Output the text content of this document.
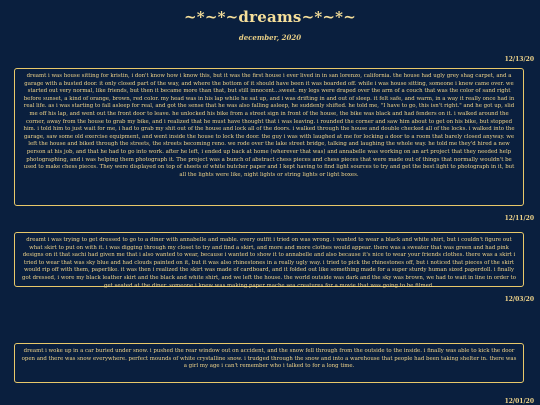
~*~*~dreams~*~*~
december, 2020
12/13/20
dreamt i was house sitting for kristin, i don't know how i know this, but it was the first house i ever lived in in san lorenzo, california. the house had ugly grey shag carpet, and a garage with a busted door. it only closed part of the way, and where the bottom of it should have been it was boarded off. while i was house sitting, someone i knew came over. we started out very normal, like friends, but then it became more than that, but still innocent...sweet. my legs were draped over the arm of a couch that was the color of sand right before sunset, a kind of orange, brown, red color. my head was in his lap while he sat up, and i was drifting in and out of sleep. it felt safe, and warm, in a way it really once had in real life. as i was starting to fall asleep for real, and got the sense that he was also falling asleep, he suddenly shifted. he told me, "I have to go, this isn't right." and he got up, slid me off his lap, and went out the front door to leave. he unlocked his bike from a street sign in front of the house, the bike was black and had fenders on it. i walked around the corner, away from the house to grab my bike, and i realized that he must have thought that i was leaving. i rounded the corner and saw him about to get on his bike, but stopped him. i told him to just wait for me, i had to grab my shit out of the house and lock all of the doors. i walked through the house and double checked all of the locks. i walked into the garage, saw some old exercise equipment, and went inside the house to lock the door. the guy i was with laughed at me for locking a door to a room that barely closed anyway. we left the house and biked through the streets, the streets becoming reno. we rode over the lake street bridge, talking and laughing the whole way. he told me they'd hired a new person at his job, and that he had to go into work. after he left, i ended up back at home (wherever that was) and annabelle was working on an art project that they needed help photographing, and i was helping them photograph it. The project was a bunch of abstract chess pieces and chess pieces that were made out of things that normally wouldn't be used to make chess pieces. They were displayed on top of sheets of white butcher paper and I kept having to find light sources to try and get the best light to photograph in it, but all the lights were like, night lights or string lights or light boxes.
12/11/20
dreamt i was trying to get dressed to go to a diner with annabelle and mable. every outfit i tried on was wrong. i wanted to wear a black and white shirt, but i couldn't figure out what skirt to put on with it. i was digging through my closet to try and find a skirt, and more and more clothes would appear. there was a sweater that was green and had pink designs on it that sachi had given me that i also wanted to wear, because i wanted to show it to annabelle and also because it's nice to wear your friends clothes. there was a skirt i tried to wear that was sky blue and had clouds painted on it, but it was also rhinestones in a really ugly way. i tried to pick the rhinestones off, but i noticed that pieces of the skirt would rip off with them, paperlike. it was then i realized the skirt was made of cardboard, and it folded out like something made for a super sturdy human sized paperdoll. i finally got dressed, i wore my black leather skirt and the black and white shirt, and we left the house. the world outside was dark and the sky was brown, we had to wait in line in order to get seated at the diner. someone i knew was making paper mache sea creatures for a movie that was going to be filmed.
12/03/20
dreamt i woke up in a car buried under snow. i pushed the rear window out on accident, and the snow fell through from the outside to the inside. i finally was able to kick the door open and there was snow everywhere. perfect mounds of white crystalline snow. i trudged through the snow and into a warehouse that people had been taking shelter in. there was a girl my age i can't remember who i talked to for a long time.
12/01/20
